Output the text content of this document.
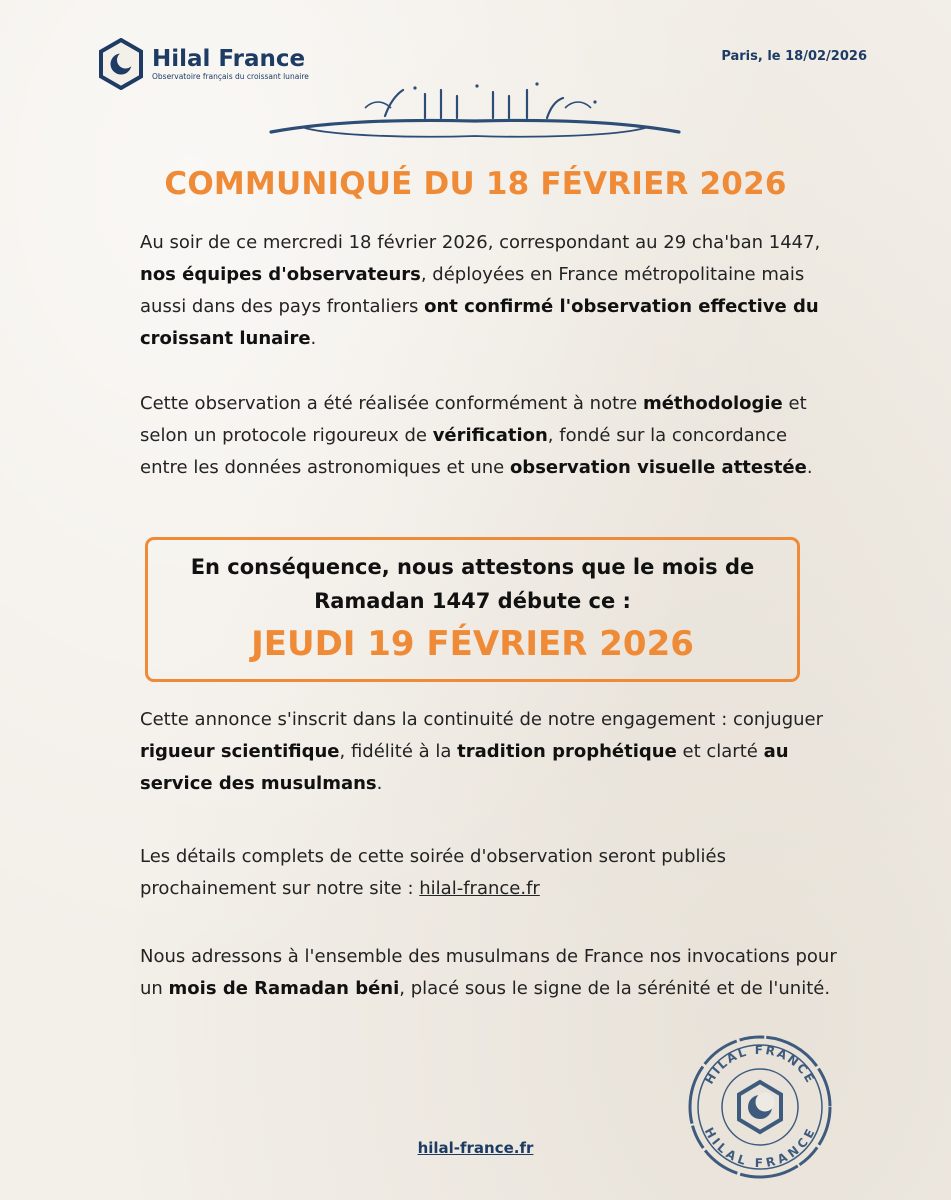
Hilal France
Observatoire français du croissant lunaire
Paris, le 18/02/2026
COMMUNIQUÉ DU 18 FÉVRIER 2026

Au soir de ce mercredi 18 février 2026, correspondant au 29 cha'ban 1447, nos équipes d'observateurs, déployées en France métropolitaine mais aussi dans des pays frontaliers ont confirmé l'observation effective du croissant lunaire.

Cette observation a été réalisée conformément à notre méthodologie et selon un protocole rigoureux de vérification, fondé sur la concordance entre les données astronomiques et une observation visuelle attestée.

En conséquence, nous attestons que le mois de
Ramadan 1447 débute ce :
JEUDI 19 FÉVRIER 2026

Cette annonce s'inscrit dans la continuité de notre engagement : conjuguer rigueur scientifique, fidélité à la tradition prophétique et clarté au service des musulmans.

Les détails complets de cette soirée d'observation seront publiés prochainement sur notre site : hilal-france.fr

Nous adressons à l'ensemble des musulmans de France nos invocations pour un mois de Ramadan béni, placé sous le signe de la sérénité et de l'unité.

HILAL FRANCE
HILAL FRANCE
hilal-france.fr
